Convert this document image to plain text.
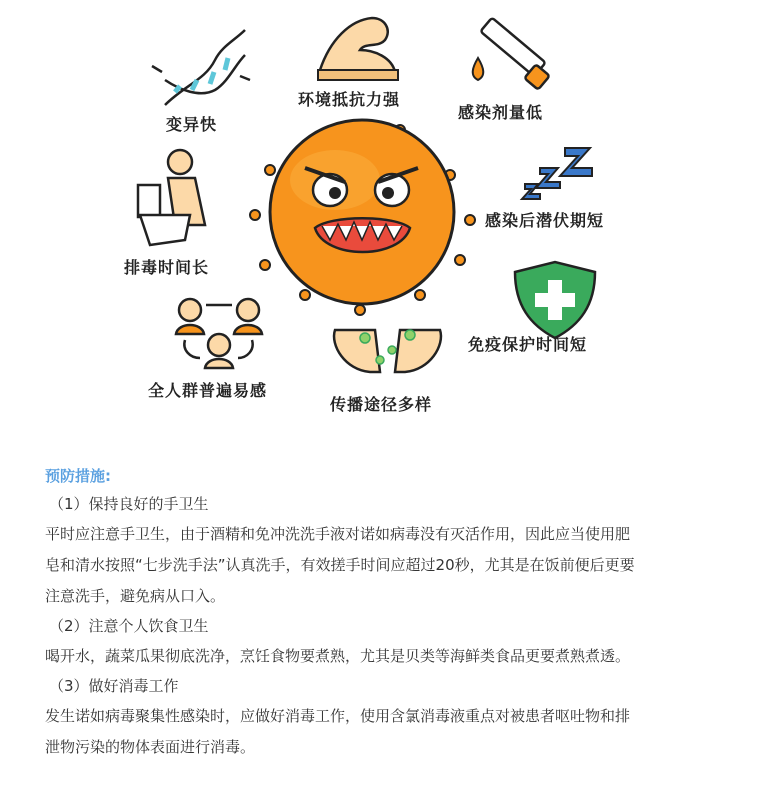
变异快
环境抵抗力强
感染剂量低
感染后潜伏期短
免疫保护时间短
传播途径多样
全人群普遍易感
排毒时间长
预防措施:
（1）保持良好的手卫生
平时应注意手卫生，由于酒精和免冲洗洗手液对诺如病毒没有灭活作用，因此应当使用肥
皂和清水按照“七步洗手法”认真洗手，有效搓手时间应超过20秒，尤其是在饭前便后更要
注意洗手，避免病从口入。
（2）注意个人饮食卫生
喝开水，蔬菜瓜果彻底洗净，烹饪食物要煮熟，尤其是贝类等海鲜类食品更要煮熟煮透。
（3）做好消毒工作
发生诺如病毒聚集性感染时，应做好消毒工作，使用含氯消毒液重点对被患者呕吐物和排
泄物污染的物体表面进行消毒。
